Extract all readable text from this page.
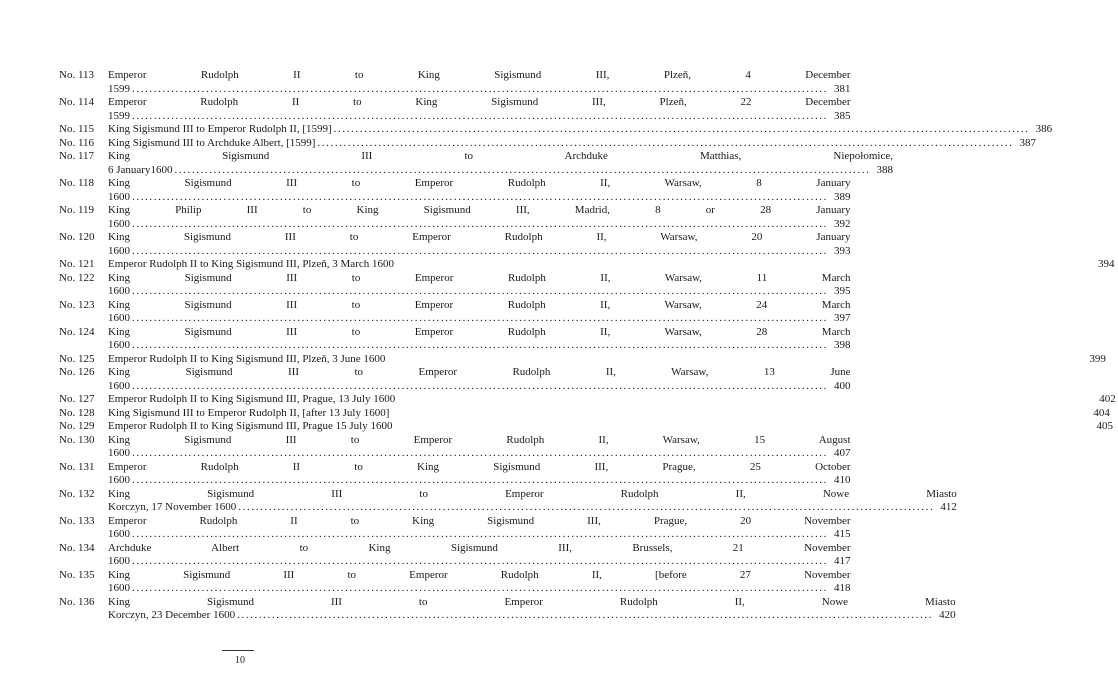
No. 113	Emperor Rudolph II to King Sigismund III, Plzeň, 4 December
1599 .....	381
No. 114	Emperor Rudolph II to King Sigismund III, Plzeň, 22 December
1599 .....	385
No. 115	King Sigismund III to Emperor Rudolph II, [1599] .....	386
No. 116	King Sigismund III to Archduke Albert, [1599] .....	387
No. 117	King Sigismund III to Archduke Matthias, Niepołomice,
6 January1600 .....	388
No. 118	King Sigismund III to Emperor Rudolph II, Warsaw, 8 January
1600 .....	389
No. 119	King Philip III to King Sigismund III, Madrid, 8 or 28 January
1600 .....	392
No. 120	King Sigismund III to Emperor Rudolph II, Warsaw, 20 January
1600 .....	393
No. 121	Emperor Rudolph II to King Sigismund III, Plzeň, 3 March 1600	394
No. 122	King Sigismund III to Emperor Rudolph II, Warsaw, 11 March
1600 .....	395
No. 123	King Sigismund III to Emperor Rudolph II, Warsaw, 24 March
1600 .....	397
No. 124	King Sigismund III to Emperor Rudolph II, Warsaw, 28 March
1600 .....	398
No. 125	Emperor Rudolph II to King Sigismund III, Plzeň, 3 June 1600	399
No. 126	King Sigismund III to Emperor Rudolph II, Warsaw, 13 June
1600 .....	400
No. 127	Emperor Rudolph II to King Sigismund III, Prague, 13 July 1600	402
No. 128	King Sigismund III to Emperor Rudolph II, [after 13 July 1600]	404
No. 129	Emperor Rudolph II to King Sigismund III, Prague 15 July 1600	405
No. 130	King Sigismund III to Emperor Rudolph II, Warsaw, 15 August
1600 .....	407
No. 131	Emperor Rudolph II to King Sigismund III, Prague, 25 October
1600 .....	410
No. 132	King Sigismund III to Emperor Rudolph II, Nowe Miasto
Korczyn, 17 November 1600 .....	412
No. 133	Emperor Rudolph II to King Sigismund III, Prague, 20 November
1600 .....	415
No. 134	Archduke Albert to King Sigismund III, Brussels, 21 November
1600 .....	417
No. 135	King Sigismund III to Emperor Rudolph II, [before 27 November
1600 .....	418
No. 136	King Sigismund III to Emperor Rudolph II, Nowe Miasto
Korczyn, 23 December 1600 .....	420
10
